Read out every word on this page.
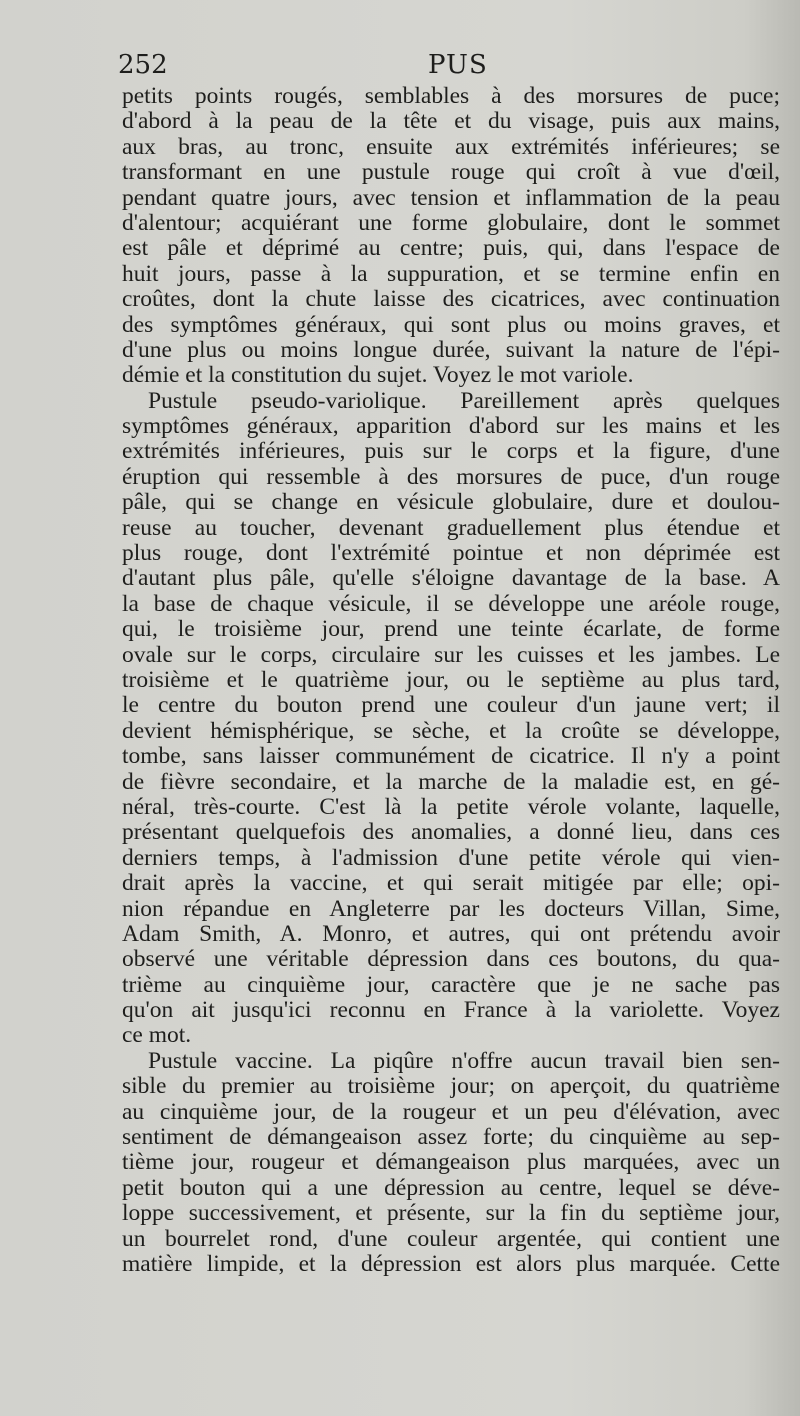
252	PUS
petits points rougés, semblables à des morsures de puce;
d'abord à la peau de la tête et du visage, puis aux mains,
aux bras, au tronc, ensuite aux extrémités inférieures; se
transformant en une pustule rouge qui croît à vue d'œil,
pendant quatre jours, avec tension et inflammation de la peau
d'alentour; acquiérant une forme globulaire, dont le sommet
est pâle et déprimé au centre; puis, qui, dans l'espace de
huit jours, passe à la suppuration, et se termine enfin en
croûtes, dont la chute laisse des cicatrices, avec continuation
des symptômes généraux, qui sont plus ou moins graves, et
d'une plus ou moins longue durée, suivant la nature de l'épi-
démie et la constitution du sujet. Voyez le mot variole.
Pustule pseudo-variolique. Pareillement après quelques
symptômes généraux, apparition d'abord sur les mains et les
extrémités inférieures, puis sur le corps et la figure, d'une
éruption qui ressemble à des morsures de puce, d'un rouge
pâle, qui se change en vésicule globulaire, dure et doulou-
reuse au toucher, devenant graduellement plus étendue et
plus rouge, dont l'extrémité pointue et non déprimée est
d'autant plus pâle, qu'elle s'éloigne davantage de la base. A
la base de chaque vésicule, il se développe une aréole rouge,
qui, le troisième jour, prend une teinte écarlate, de forme
ovale sur le corps, circulaire sur les cuisses et les jambes. Le
troisième et le quatrième jour, ou le septième au plus tard,
le centre du bouton prend une couleur d'un jaune vert; il
devient hémisphérique, se sèche, et la croûte se développe,
tombe, sans laisser communément de cicatrice. Il n'y a point
de fièvre secondaire, et la marche de la maladie est, en gé-
néral, très-courte. C'est là la petite vérole volante, laquelle,
présentant quelquefois des anomalies, a donné lieu, dans ces
derniers temps, à l'admission d'une petite vérole qui vien-
drait après la vaccine, et qui serait mitigée par elle; opi-
nion répandue en Angleterre par les docteurs Villan, Sime,
Adam Smith, A. Monro, et autres, qui ont prétendu avoir
observé une véritable dépression dans ces boutons, du qua-
trième au cinquième jour, caractère que je ne sache pas
qu'on ait jusqu'ici reconnu en France à la variolette. Voyez
ce mot.
Pustule vaccine. La piqûre n'offre aucun travail bien sen-
sible du premier au troisième jour; on aperçoit, du quatrième
au cinquième jour, de la rougeur et un peu d'élévation, avec
sentiment de démangeaison assez forte; du cinquième au sep-
tième jour, rougeur et démangeaison plus marquées, avec un
petit bouton qui a une dépression au centre, lequel se déve-
loppe successivement, et présente, sur la fin du septième jour,
un bourrelet rond, d'une couleur argentée, qui contient une
matière limpide, et la dépression est alors plus marquée. Cette
